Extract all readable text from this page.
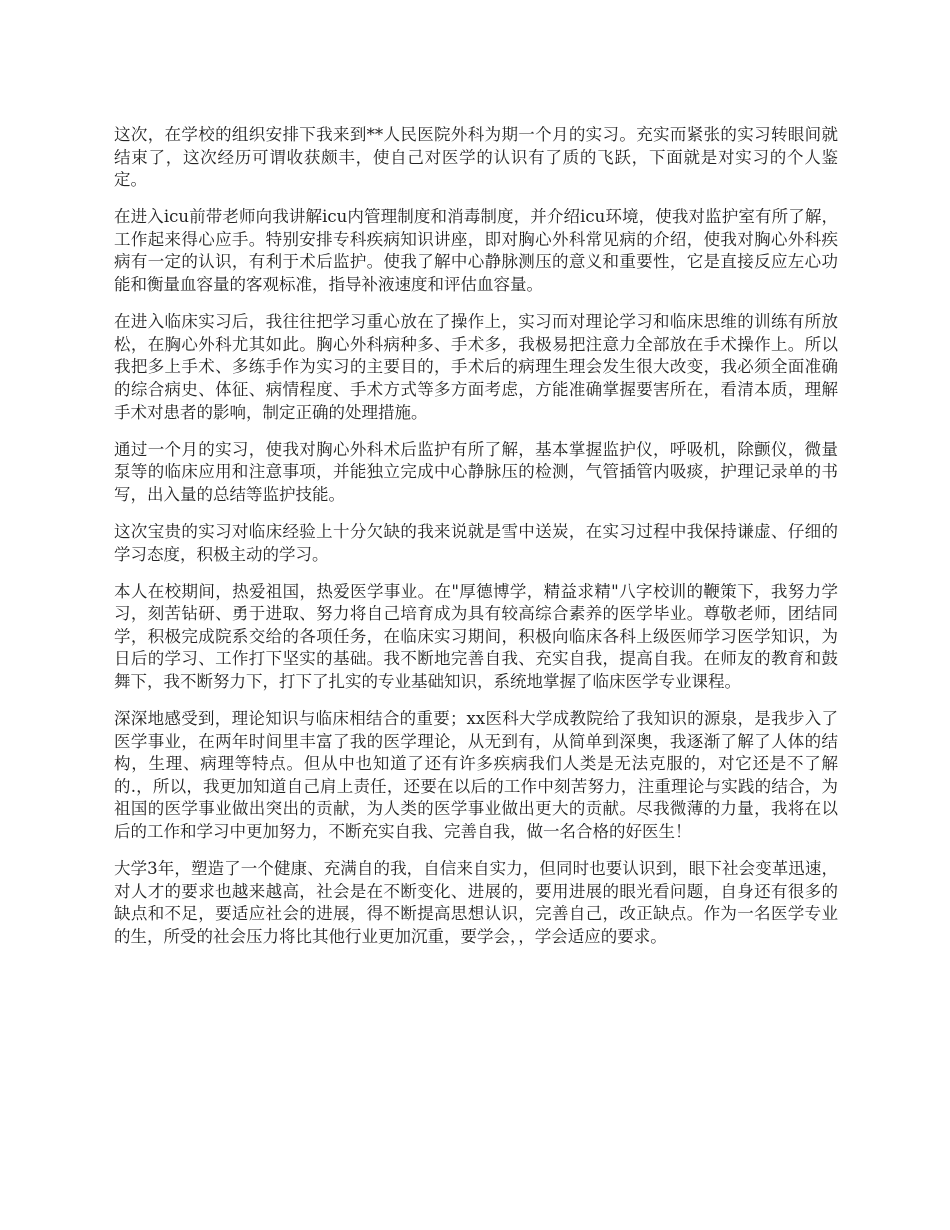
这次，在学校的组织安排下我来到**人民医院外科为期一个月的实习。充实而紧张的实习转眼间就结束了，这次经历可谓收获颇丰，使自己对医学的认识有了质的飞跃，下面就是对实习的个人鉴定。

在进入icu前带老师向我讲解icu内管理制度和消毒制度，并介绍icu环境，使我对监护室有所了解，工作起来得心应手。特别安排专科疾病知识讲座，即对胸心外科常见病的介绍，使我对胸心外科疾病有一定的认识，有利于术后监护。使我了解中心静脉测压的意义和重要性，它是直接反应左心功能和衡量血容量的客观标准，指导补液速度和评估血容量。

在进入临床实习后，我往往把学习重心放在了操作上，实习而对理论学习和临床思维的训练有所放松，在胸心外科尤其如此。胸心外科病种多、手术多，我极易把注意力全部放在手术操作上。所以我把多上手术、多练手作为实习的主要目的，手术后的病理生理会发生很大改变，我必须全面准确的综合病史、体征、病情程度、手术方式等多方面考虑，方能准确掌握要害所在，看清本质，理解手术对患者的影响，制定正确的处理措施。

通过一个月的实习，使我对胸心外科术后监护有所了解，基本掌握监护仪，呼吸机，除颤仪，微量泵等的临床应用和注意事项，并能独立完成中心静脉压的检测，气管插管内吸痰，护理记录单的书写，出入量的总结等监护技能。

这次宝贵的实习对临床经验上十分欠缺的我来说就是雪中送炭，在实习过程中我保持谦虚、仔细的学习态度，积极主动的学习。

本人在校期间，热爱祖国，热爱医学事业。在"厚德博学，精益求精"八字校训的鞭策下，我努力学习，刻苦钻研、勇于进取、努力将自己培育成为具有较高综合素养的医学毕业。尊敬老师，团结同学，积极完成院系交给的各项任务，在临床实习期间，积极向临床各科上级医师学习医学知识，为日后的学习、工作打下坚实的基础。我不断地完善自我、充实自我，提高自我。在师友的教育和鼓舞下，我不断努力下，打下了扎实的专业基础知识，系统地掌握了临床医学专业课程。

深深地感受到，理论知识与临床相结合的重要；xx医科大学成教院给了我知识的源泉，是我步入了医学事业，在两年时间里丰富了我的医学理论，从无到有，从简单到深奥，我逐渐了解了人体的结构，生理、病理等特点。但从中也知道了还有许多疾病我们人类是无法克服的，对它还是不了解的.，所以，我更加知道自己肩上责任，还要在以后的工作中刻苦努力，注重理论与实践的结合，为祖国的医学事业做出突出的贡献，为人类的医学事业做出更大的贡献。尽我微薄的力量，我将在以后的工作和学习中更加努力，不断充实自我、完善自我，做一名合格的好医生！

大学3年，塑造了一个健康、充满自的我，自信来自实力，但同时也要认识到，眼下社会变革迅速，对人才的要求也越来越高，社会是在不断变化、进展的，要用进展的眼光看问题，自身还有很多的缺点和不足，要适应社会的进展，得不断提高思想认识，完善自己，改正缺点。作为一名医学专业的生，所受的社会压力将比其他行业更加沉重，要学会，，学会适应的要求。
